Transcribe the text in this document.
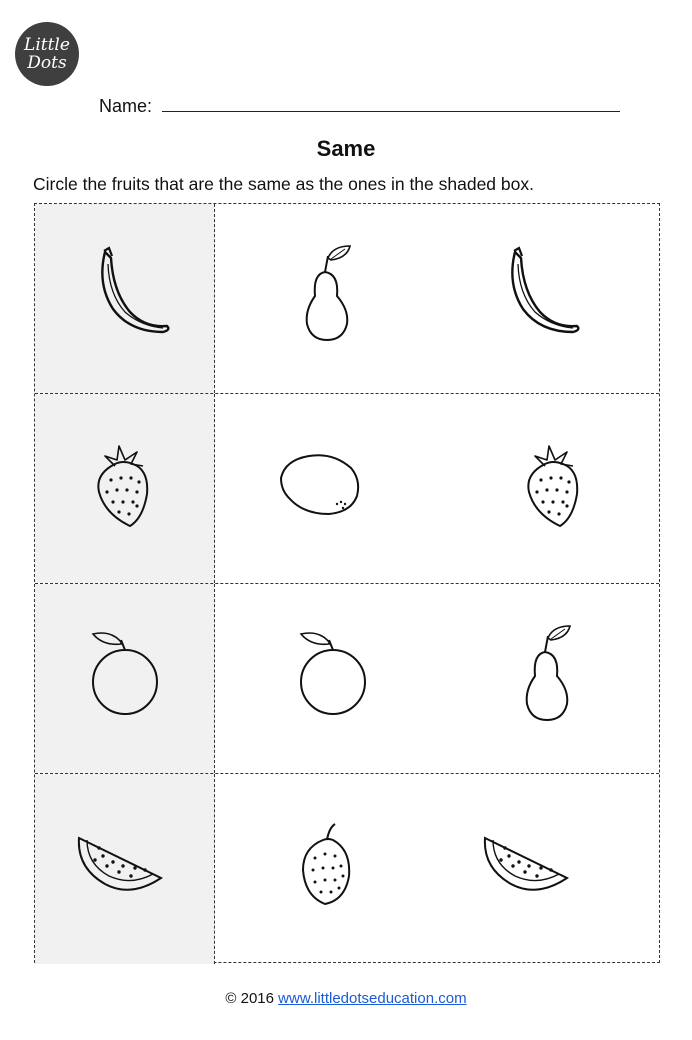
Little
Dots
Name:
Same
Circle the fruits that are the same as the ones in the shaded box.
© 2016 www.littledotseducation.com
